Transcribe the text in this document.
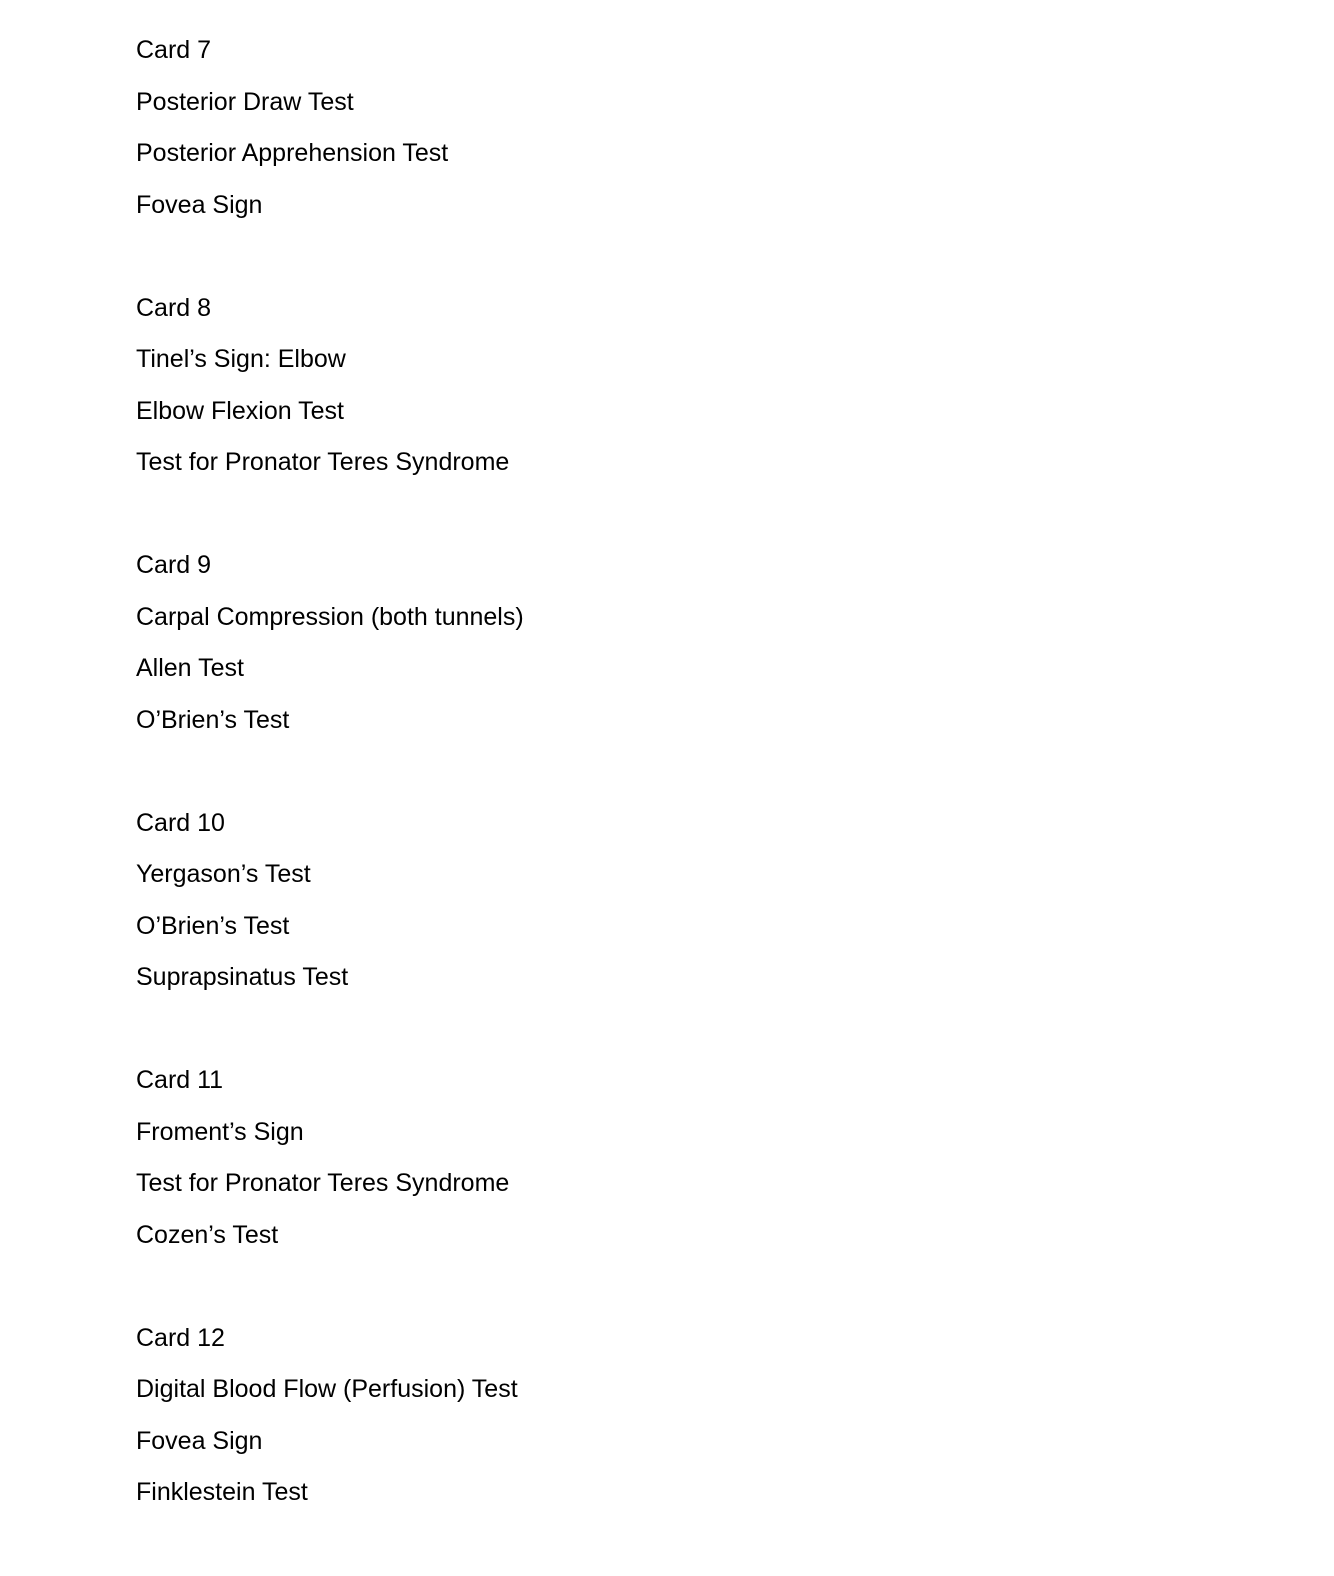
Card 7
Posterior Draw Test
Posterior Apprehension Test
Fovea Sign
Card 8
Tinel’s Sign: Elbow
Elbow Flexion Test
Test for Pronator Teres Syndrome
Card 9
Carpal Compression (both tunnels)
Allen Test
O’Brien’s Test
Card 10
Yergason’s Test
O’Brien’s Test
Suprapsinatus Test
Card 11
Froment’s Sign
Test for Pronator Teres Syndrome
Cozen’s Test
Card 12
Digital Blood Flow (Perfusion) Test
Fovea Sign
Finklestein Test
